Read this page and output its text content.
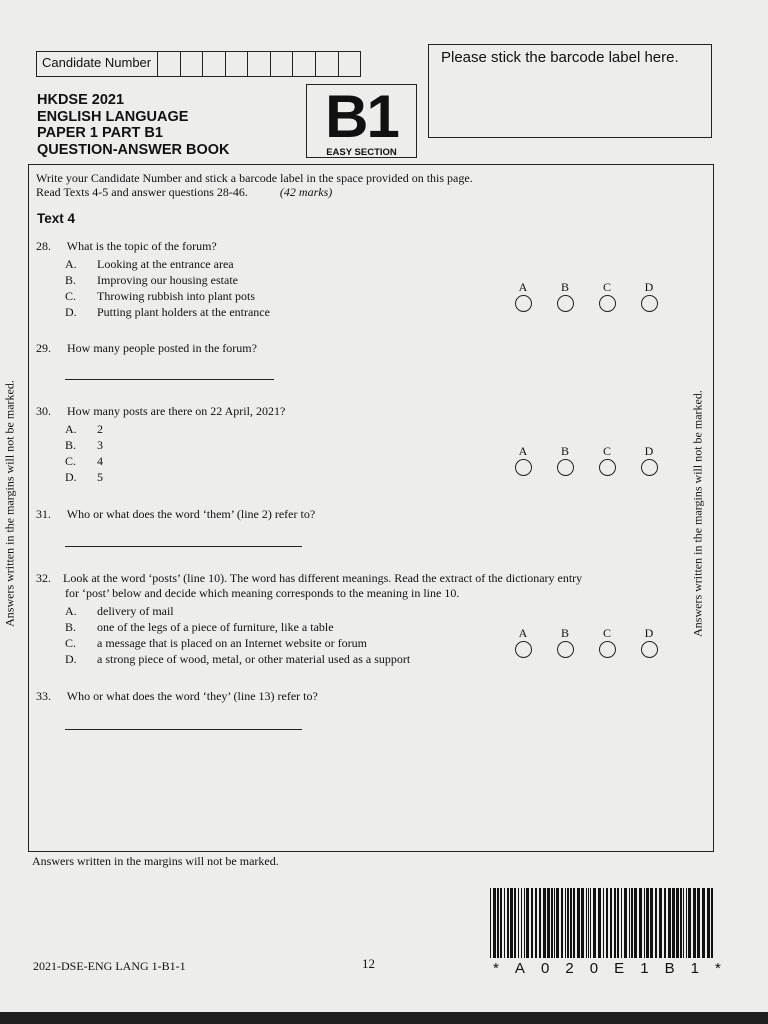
Candidate Number	Please stick the barcode label here.
HKDSE 2021
ENGLISH LANGUAGE
PAPER 1 PART B1
QUESTION-ANSWER BOOK	B1
EASY SECTION
Write your Candidate Number and stick a barcode label in the space provided on this page.
Read Texts 4-5 and answer questions 28-46.	(42 marks)
Text 4
28. What is the topic of the forum?
A. Looking at the entrance area
B. Improving our housing estate
C. Throwing rubbish into plant pots
D. Putting plant holders at the entrance
A	B	C	D
29. How many people posted in the forum?
30. How many posts are there on 22 April, 2021?
A. 2
B. 3
C. 4
D. 5
A	B	C	D
31. Who or what does the word ‘them’ (line 2) refer to?
32. Look at the word ‘posts’ (line 10). The word has different meanings. Read the extract of the dictionary entry
for ‘post’ below and decide which meaning corresponds to the meaning in line 10.
A. delivery of mail
B. one of the legs of a piece of furniture, like a table
C. a message that is placed on an Internet website or forum
D. a strong piece of wood, metal, or other material used as a support
A	B	C	D
33. Who or what does the word ‘they’ (line 13) refer to?
Answers written in the margins will not be marked.	Answers written in the margins will not be marked.
Answers written in the margins will not be marked.
2021-DSE-ENG LANG 1-B1-1	12	* A 0 2 0 E 1 B 1 *
